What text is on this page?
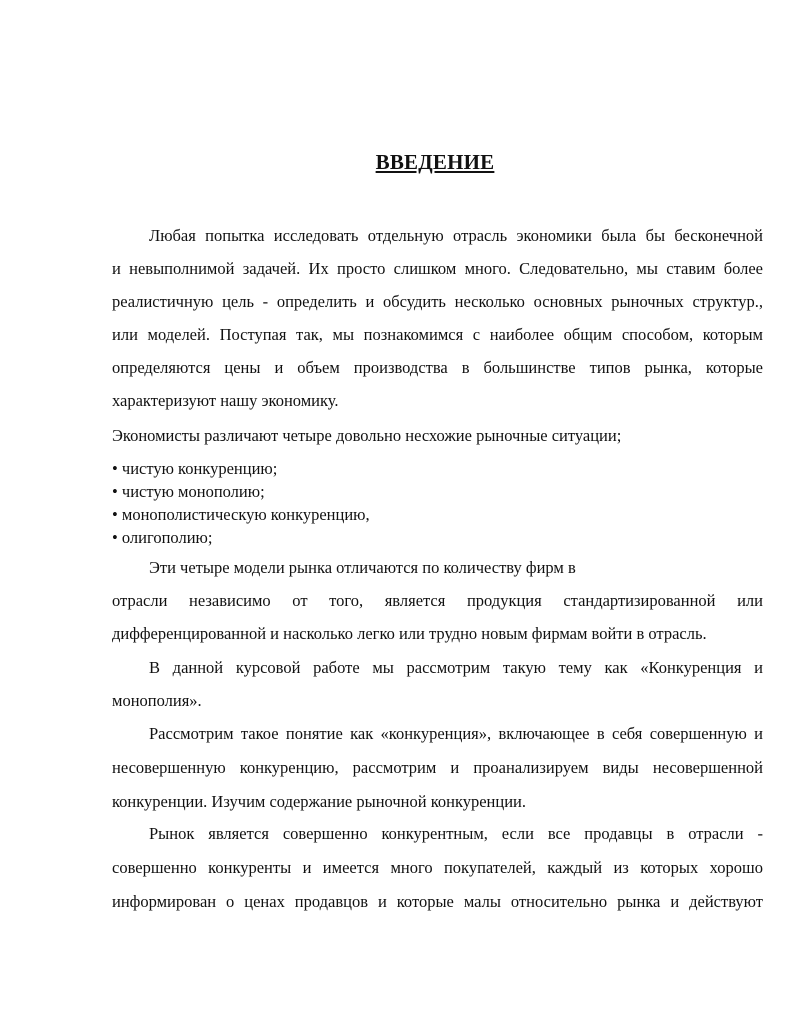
ВВЕДЕНИЕ
Любая попытка исследовать отдельную отрасль экономики была бы бесконечной
и невыполнимой задачей. Их просто слишком много. Следовательно, мы ставим более
реалистичную цель - определить и обсудить несколько основных рыночных структур.,
или моделей. Поступая так, мы познакомимся с наиболее общим способом, которым
определяются цены и объем производства в большинстве типов рынка, которые
характеризуют нашу экономику.
Экономисты различают четыре довольно несхожие рыночные ситуации;
• чистую конкуренцию;
• чистую монополию;
• монополистическую конкуренцию,
• олигополию;
Эти четыре модели рынка отличаются по количеству фирм в
отрасли независимо от того, является продукция стандартизированной или
дифференцированной и насколько легко или трудно новым фирмам войти в отрасль.
В данной курсовой работе мы рассмотрим такую тему как «Конкуренция и
монополия».
Рассмотрим такое понятие как «конкуренция», включающее в себя совершенную и
несовершенную конкуренцию, рассмотрим и проанализируем виды несовершенной
конкуренции. Изучим содержание рыночной конкуренции.
Рынок является совершенно конкурентным, если все продавцы в отрасли -
совершенно конкуренты и имеется много покупателей, каждый из которых хорошо
информирован о ценах продавцов и которые малы относительно рынка и действуют
